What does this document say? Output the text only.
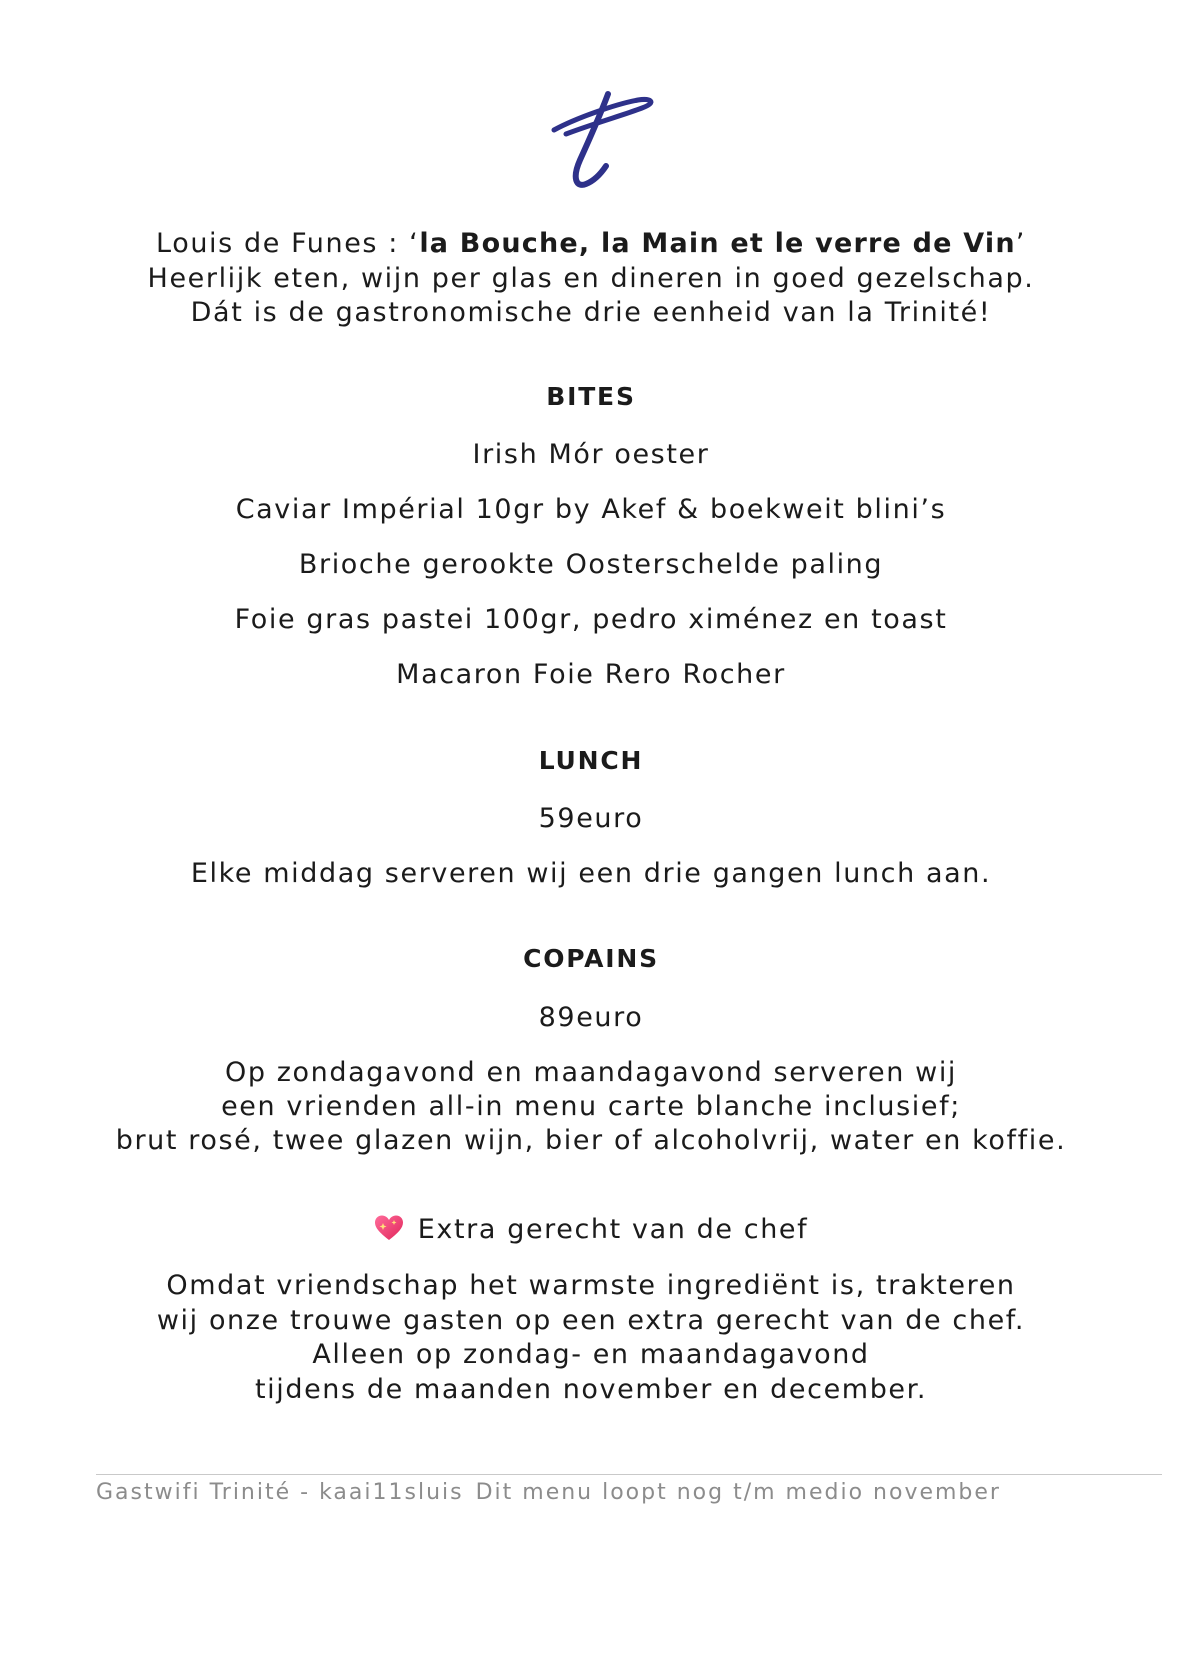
Louis de Funes : ‘la Bouche, la Main et le verre de Vin’
Heerlijk eten, wijn per glas en dineren in goed gezelschap.
Dát is de gastronomische drie eenheid van la Trinité!
BITES
Irish Mór oester
Caviar Impérial 10gr by Akef & boekweit blini’s
Brioche gerookte Oosterschelde paling
Foie gras pastei 100gr, pedro ximénez en toast
Macaron Foie Rero Rocher
LUNCH
59euro
Elke middag serveren wij een drie gangen lunch aan.
COPAINS
89euro
Op zondagavond en maandagavond serveren wij
een vrienden all-in menu carte blanche inclusief;
brut rosé, twee glazen wijn, bier of alcoholvrij, water en koffie.
Extra gerecht van de chef
Omdat vriendschap het warmste ingrediënt is, trakteren
wij onze trouwe gasten op een extra gerecht van de chef.
Alleen op zondag- en maandagavond
tijdens de maanden november en december.
Gastwifi Trinité - kaai11sluis Dit menu loopt nog t/m medio november
